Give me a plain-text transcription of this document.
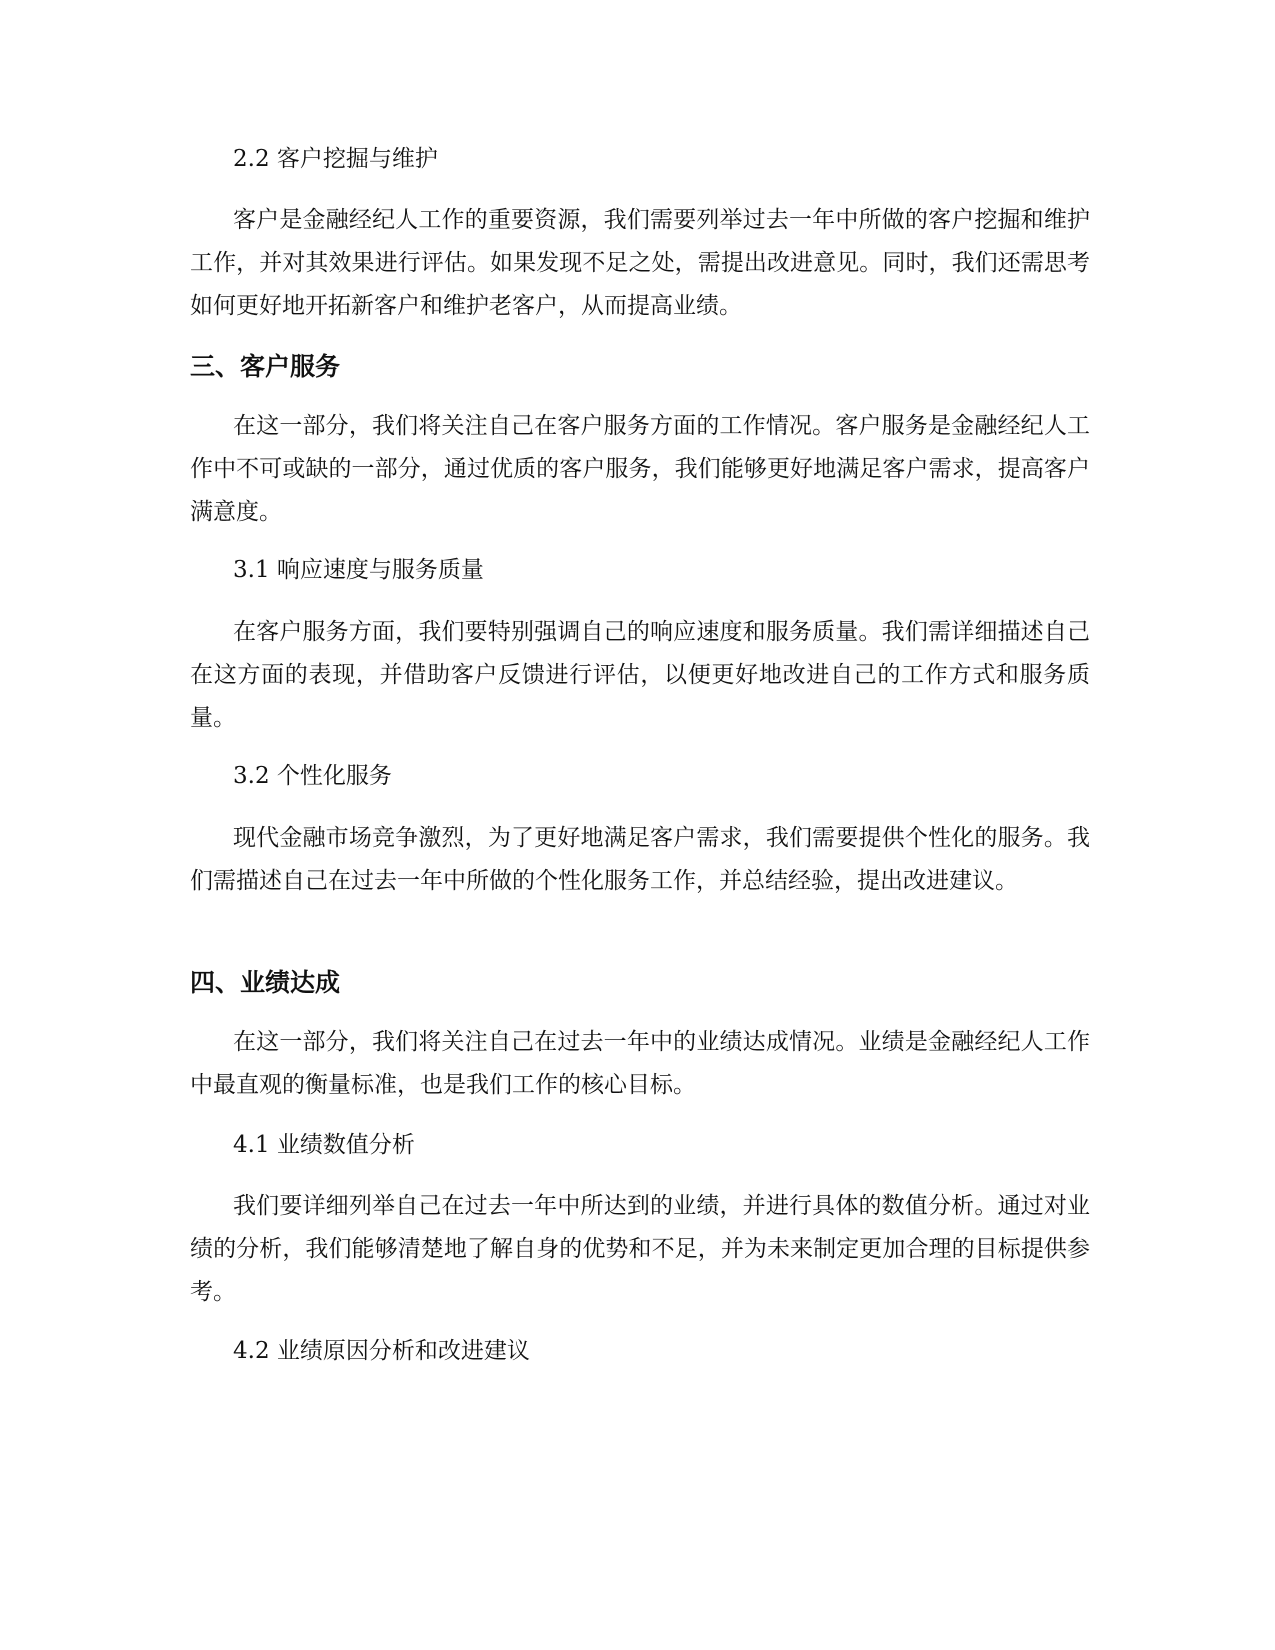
2.2 客户挖掘与维护

客户是金融经纪人工作的重要资源，我们需要列举过去一年中所做的客户挖掘和维护工作，并对其效果进行评估。如果发现不足之处，需提出改进意见。同时，我们还需思考如何更好地开拓新客户和维护老客户，从而提高业绩。

三、客户服务

在这一部分，我们将关注自己在客户服务方面的工作情况。客户服务是金融经纪人工作中不可或缺的一部分，通过优质的客户服务，我们能够更好地满足客户需求，提高客户满意度。

3.1 响应速度与服务质量

在客户服务方面，我们要特别强调自己的响应速度和服务质量。我们需详细描述自己在这方面的表现，并借助客户反馈进行评估，以便更好地改进自己的工作方式和服务质量。

3.2 个性化服务

现代金融市场竞争激烈，为了更好地满足客户需求，我们需要提供个性化的服务。我们需描述自己在过去一年中所做的个性化服务工作，并总结经验，提出改进建议。

四、业绩达成

在这一部分，我们将关注自己在过去一年中的业绩达成情况。业绩是金融经纪人工作中最直观的衡量标准，也是我们工作的核心目标。

4.1 业绩数值分析

我们要详细列举自己在过去一年中所达到的业绩，并进行具体的数值分析。通过对业绩的分析，我们能够清楚地了解自身的优势和不足，并为未来制定更加合理的目标提供参考。

4.2 业绩原因分析和改进建议
